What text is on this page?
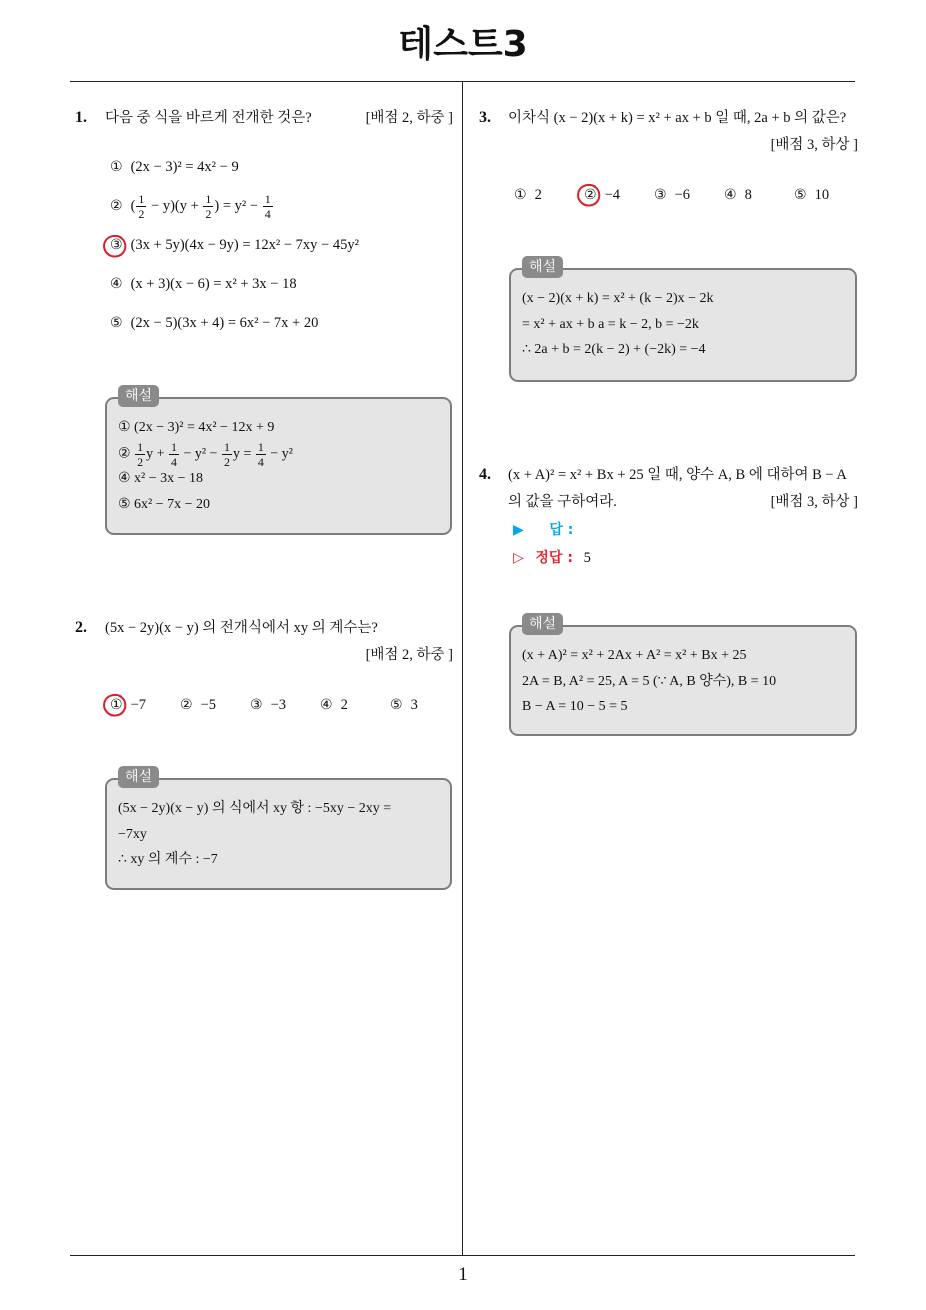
테스트3
1
1. 다음 중 식을 바르게 전개한 것은?	[배점 2, 하중 ]
① (2x − 3)² = 4x² − 9
② ( $\frac{1}{2} - y)(y + \frac{1}{2}$ ) = $y^2 - \frac{1}{4}$
③ (3x + 5y)(4x − 9y) = 12x² − 7xy − 45y²
④ (x + 3)(x − 6) = x² + 3x − 18
⑤ (2x − 5)(3x + 4) = 6x² − 7x + 20
해설
① (2x − 3)² = 4x² − 12x + 9
② $\frac{1}{2}$ $y + \frac{1}{4} - y^2 - \frac{1}{2}$ $y = \frac{1}{4} - y^2$
④ x² − 3x − 18
⑤ 6x² − 7x − 20
2. (5x − 2y)(x − y) 의 전개식에서 xy 의 계수는?
[배점 2, 하중 ]
① −7	② −5	③ −3	④ 2	⑤ 3
해설
(5x − 2y)(x − y) 의 식에서 xy 항 : −5xy − 2xy =
−7xy
∴ xy 의 계수 : −7
3. 이차식 (x − 2)(x + k) = x² + ax + b 일 때, 2a + b 의 값은?
[배점 3, 하상 ]
① 2	② −4	③ −6	④ 8	⑤ 10
해설
(x − 2)(x + k) = x² + (k − 2)x − 2k
= x² + ax + b a = k − 2, b = −2k
∴ 2a + b = 2(k − 2) + (−2k) = −4
4. (x + A)² = x² + Bx + 25 일 때, 양수 A, B 에 대하여 B − A 의 값을 구하여라.	[배점 3, 하상 ]
▶ 답 :
▷ 정답 : 5
해설
(x + A)² = x² + 2Ax + A² = x² + Bx + 25
2A = B, A² = 25, A = 5 (∵ A, B 양수), B = 10
B − A = 10 − 5 = 5
